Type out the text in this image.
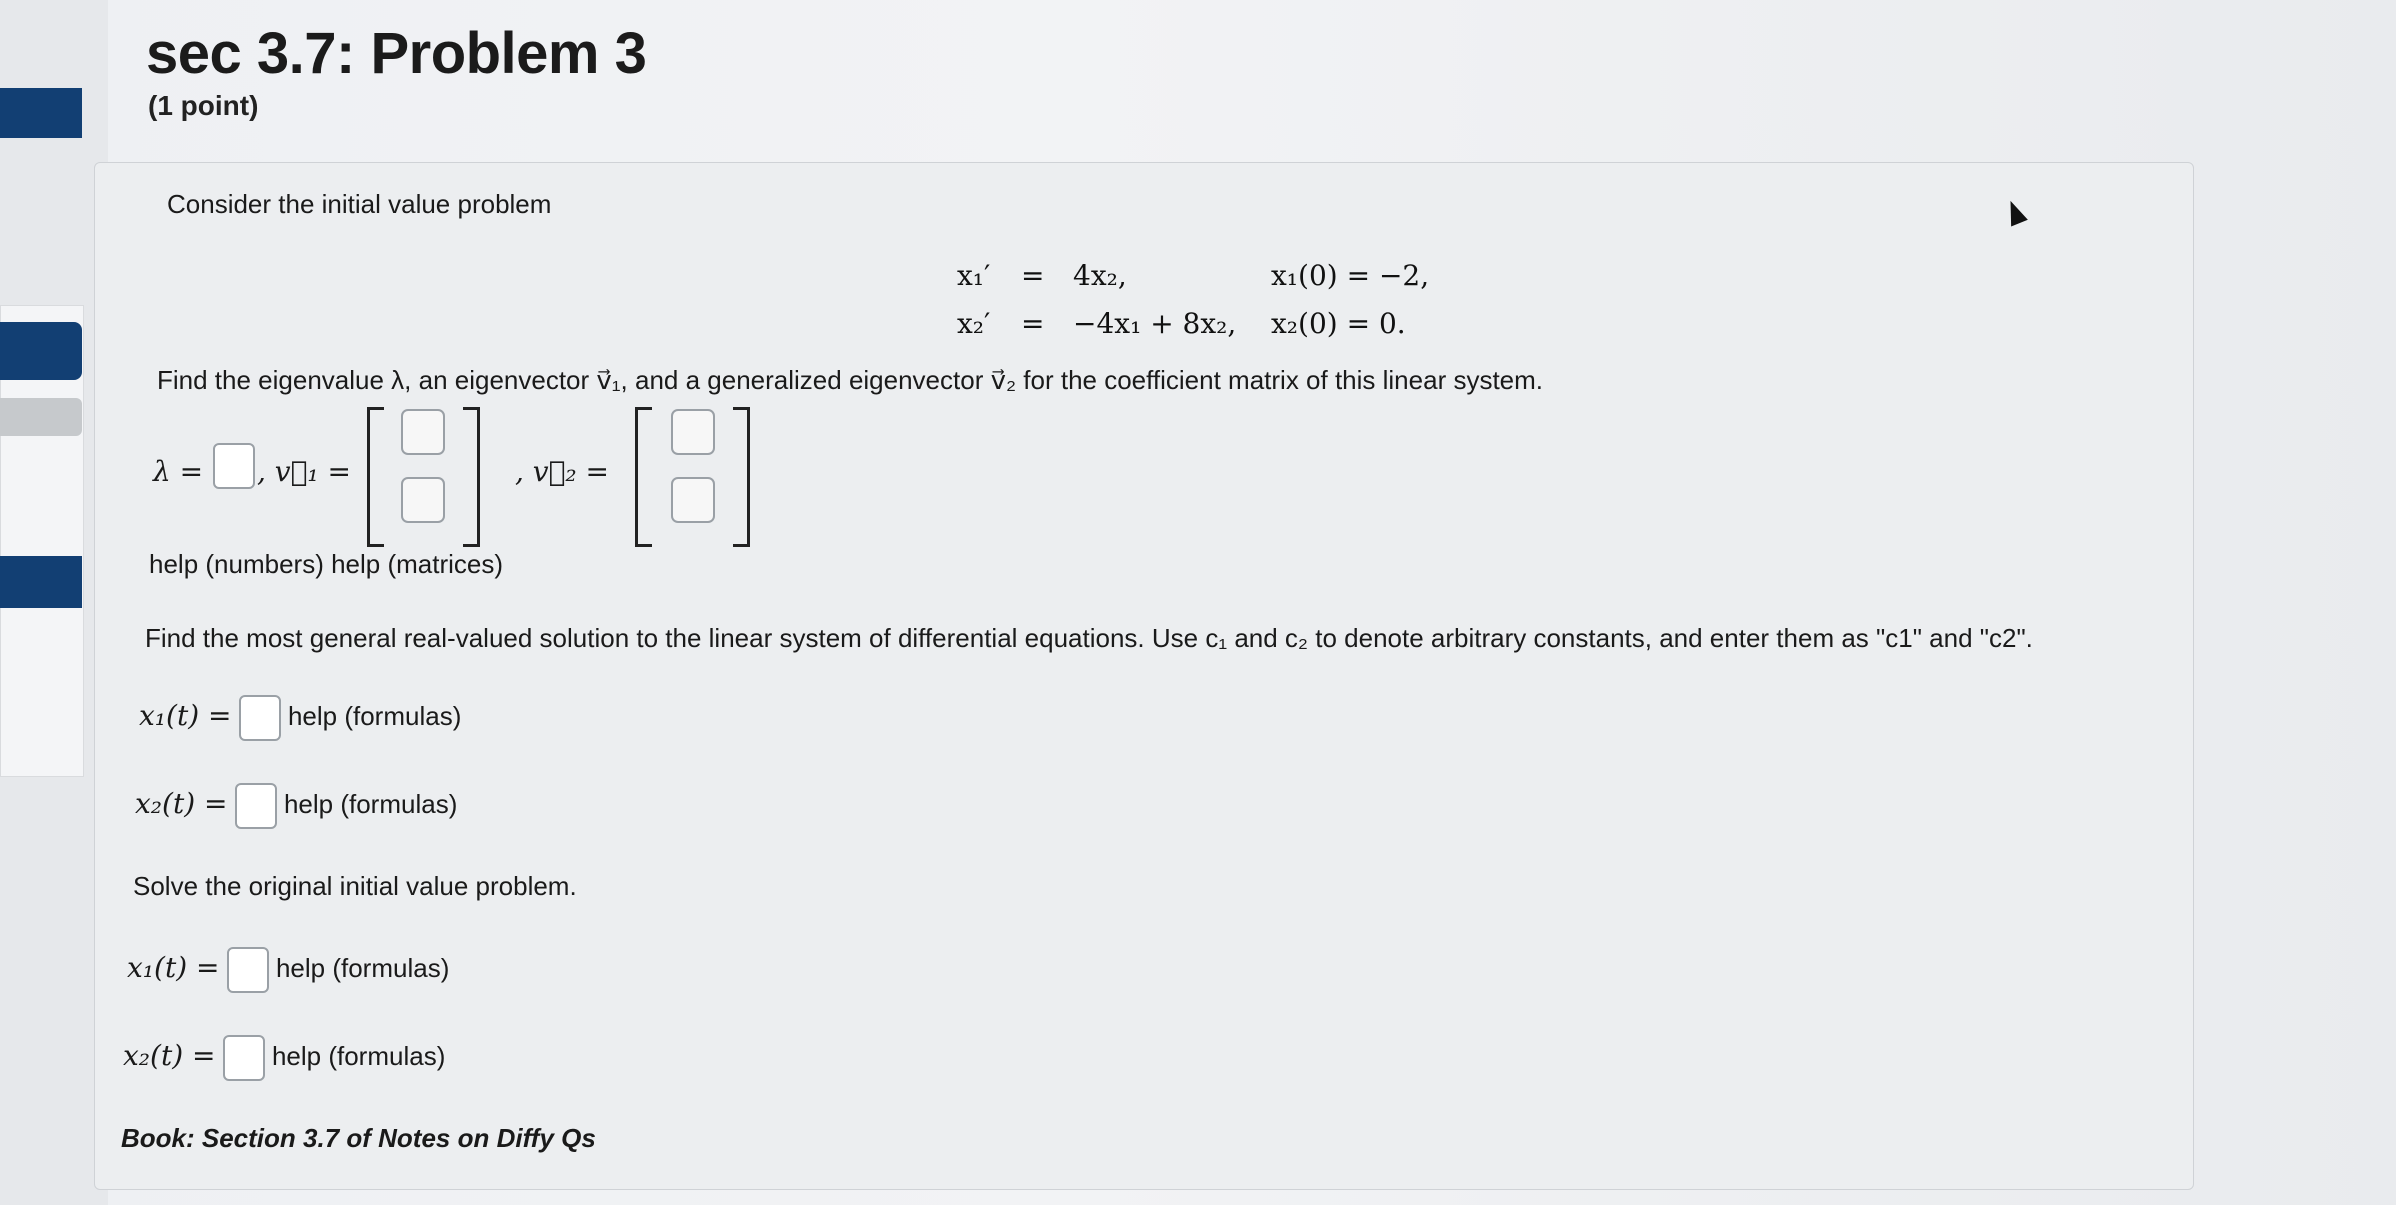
sec 3.7: Problem 3
(1 point)
Consider the initial value problem
x₁′ = 4x₂,	x₁(0) = −2,
x₂′ = −4x₁ + 8x₂, x₂(0) = 0.
Find the eigenvalue λ, an eigenvector v⃗₁, and a generalized eigenvector v⃗₂ for the coefficient matrix of this linear system.
λ = , v⃗₁ =	, v⃗₂ =
help (numbers) help (matrices)
Find the most general real-valued solution to the linear system of differential equations. Use c₁ and c₂ to denote arbitrary constants, and enter them as "c1" and "c2".
x₁(t) = help (formulas)
x₂(t) = help (formulas)
Solve the original initial value problem.
x₁(t) = help (formulas)
x₂(t) = help (formulas)
Book: Section 3.7 of Notes on Diffy Qs
